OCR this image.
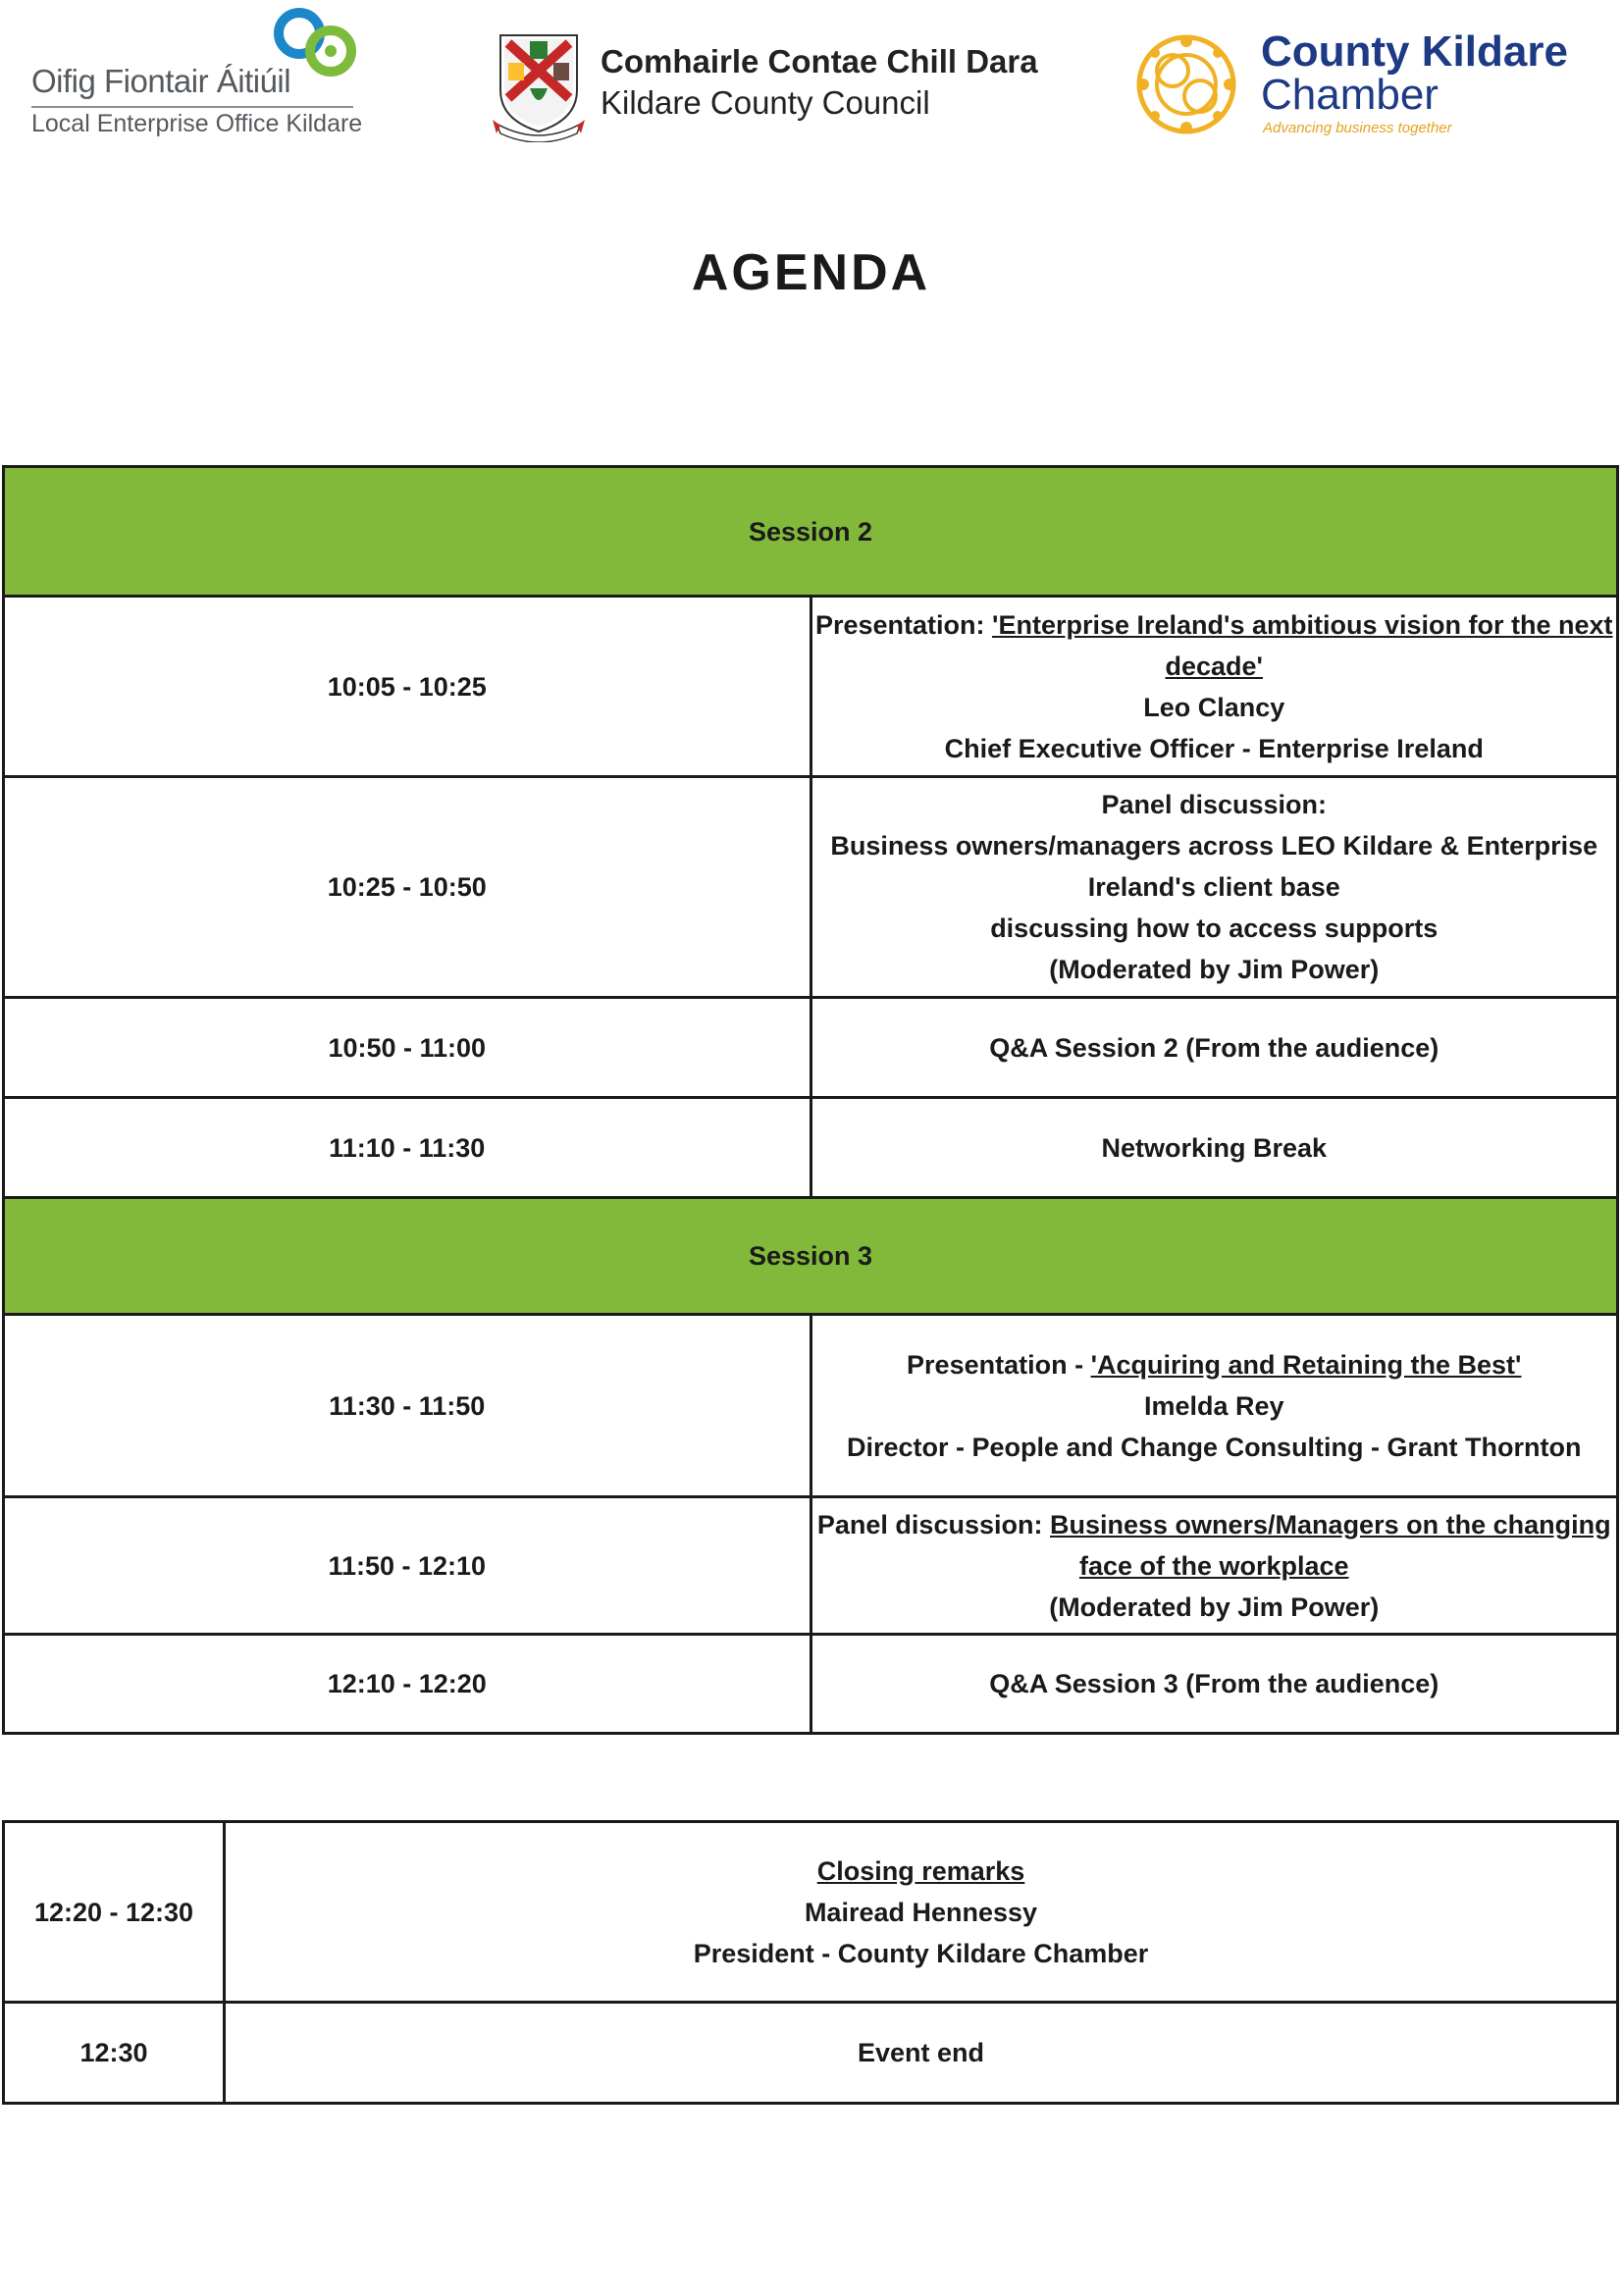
Oifig Fiontair Áitiúil
Local Enterprise Office Kildare
Comhairle Contae Chill Dara
Kildare County Council
County Kildare
Chamber
Advancing business together
AGENDA
Session 2	
10:05 - 10:25	Presentation: 'Enterprise Ireland's ambitious vision for the next decade'
Leo Clancy
Chief Executive Officer - Enterprise Ireland

10:25 - 10:50	Panel discussion:
Business owners/managers across LEO Kildare & Enterprise Ireland's client base
discussing how to access supports
(Moderated by Jim Power)

10:50 - 11:00	Q&A Session 2 (From the audience)
11:10 - 11:30	Networking Break
Session 3	
11:30 - 11:50	Presentation - 'Acquiring and Retaining the Best'
Imelda Rey
Director - People and Change Consulting - Grant Thornton

11:50 - 12:10	Panel discussion: Business owners/Managers on the changing face of the workplace
(Moderated by Jim Power)

12:10 - 12:20	Q&A Session 3 (From the audience)
12:20 - 12:30	Closing remarks
Mairead Hennessy
President - County Kildare Chamber

12:30	Event end
